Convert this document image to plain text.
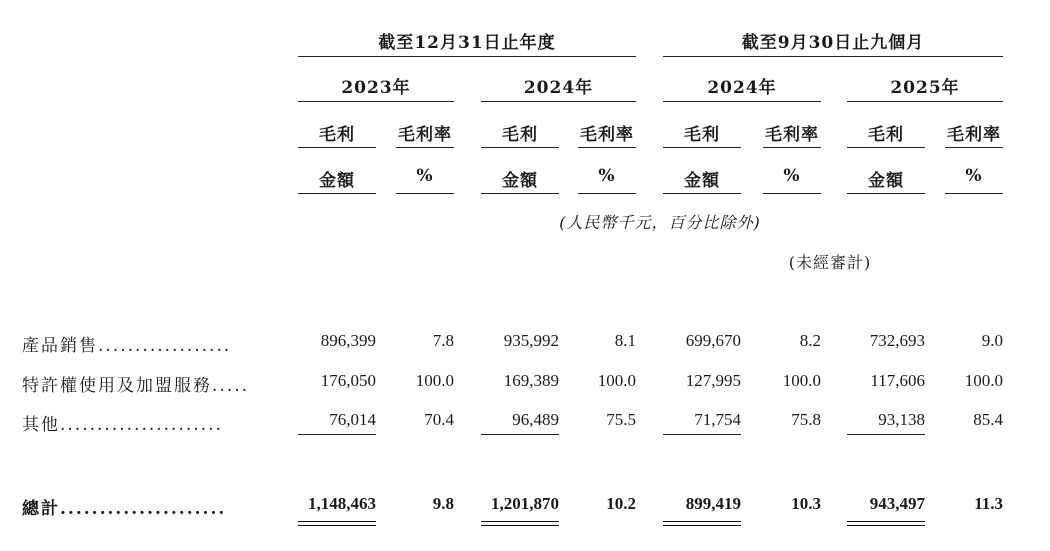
截至12月31日止年度	截至9月30日止九個月
2023年	2024年	2024年	2025年
毛利	毛利率	毛利	毛利率	毛利	毛利率	毛利	毛利率
金額	%	金額	%	金額	%	金額	%
(人民幣千元，百分比除外)
(未經審計)
產品銷售..................	896,399	7.8	935,992	8.1	699,670	8.2	732,693	9.0
特許權使用及加盟服務.....	176,050	100.0	169,389	100.0	127,995	100.0	117,606	100.0
其他......................	76,014	70.4	96,489	75.5	71,754	75.8	93,138	85.4
總計.....................	1,148,463	9.8	1,201,870	10.2	899,419	10.3	943,497	11.3
